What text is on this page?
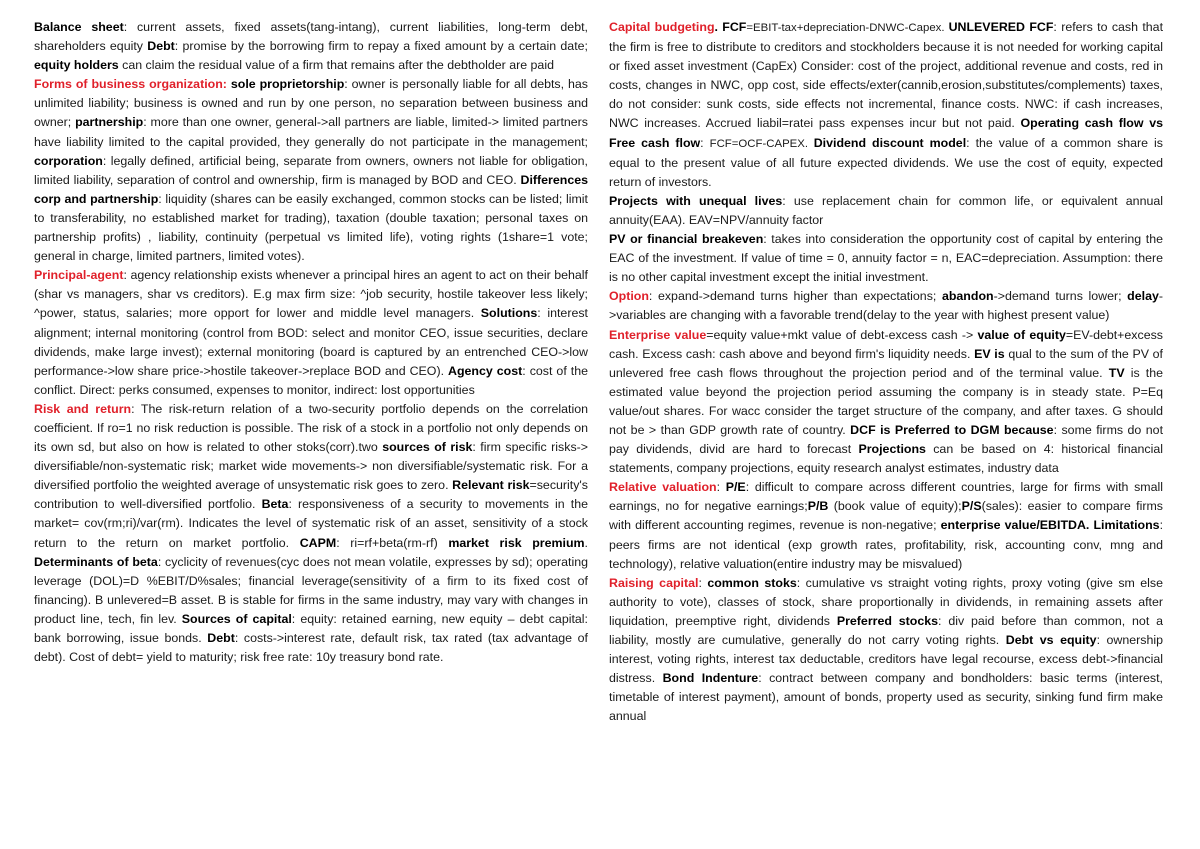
Balance sheet: current assets, fixed assets(tang-intang), current liabilities, long-term debt, shareholders equity Debt: promise by the borrowing firm to repay a fixed amount by a certain date; equity holders can claim the residual value of a firm that remains after the debtholder are paid

Forms of business organization: sole proprietorship: owner is personally liable for all debts, has unlimited liability; business is owned and run by one person, no separation between business and owner; partnership: more than one owner, general->all partners are liable, limited-> limited partners have liability limited to the capital provided, they generally do not participate in the management; corporation: legally defined, artificial being, separate from owners, owners not liable for obligation, limited liability, separation of control and ownership, firm is managed by BOD and CEO. Differences corp and partnership: liquidity (shares can be easily exchanged, common stocks can be listed; limit to transferability, no established market for trading), taxation (double taxation; personal taxes on partnership profits) , liability, continuity (perpetual vs limited life), voting rights (1share=1 vote; general in charge, limited partners, limited votes).

Principal-agent: agency relationship exists whenever a principal hires an agent to act on their behalf (shar vs managers, shar vs creditors). E.g max firm size: ^job security, hostile takeover less likely; ^power, status, salaries; more opport for lower and middle level managers. Solutions: interest alignment; internal monitoring (control from BOD: select and monitor CEO, issue securities, declare dividends, make large invest); external monitoring (board is captured by an entrenched CEO->low performance->low share price->hostile takeover->replace BOD and CEO). Agency cost: cost of the conflict. Direct: perks consumed, expenses to monitor, indirect: lost opportunities

Risk and return: The risk-return relation of a two-security portfolio depends on the correlation coefficient. If ro=1 no risk reduction is possible. The risk of a stock in a portfolio not only depends on its own sd, but also on how is related to other stoks(corr).two sources of risk: firm specific risks-> diversifiable/non-systematic risk; market wide movements-> non diversifiable/systematic risk. For a diversified portfolio the weighted average of unsystematic risk goes to zero. Relevant risk=security's contribution to well-diversified portfolio. Beta: responsiveness of a security to movements in the market= cov(rm;ri)/var(rm). Indicates the level of systematic risk of an asset, sensitivity of a stock return to the return on market portfolio. CAPM: ri=rf+beta(rm-rf) market risk premium. Determinants of beta: cyclicity of revenues(cyc does not mean volatile, expresses by sd); operating leverage (DOL)=D %EBIT/D%sales; financial leverage(sensitivity of a firm to its fixed cost of financing). B unlevered=B asset. B is stable for firms in the same industry, may vary with changes in product line, tech, fin lev. Sources of capital: equity: retained earning, new equity – debt capital: bank borrowing, issue bonds. Debt: costs->interest rate, default risk, tax rated (tax advantage of debt). Cost of debt= yield to maturity; risk free rate: 10y treasury bond rate.

Capital budgeting. FCF=EBIT-tax+depreciation-DNWC-Capex. UNLEVERED FCF: refers to cash that the firm is free to distribute to creditors and stockholders because it is not needed for working capital or fixed asset investment (CapEx) Consider: cost of the project, additional revenue and costs, red in costs, changes in NWC, opp cost, side effects/exter(cannib,erosion,substitutes/complements) taxes, do not consider: sunk costs, side effects not incremental, finance costs. NWC: if cash increases, NWC increases. Accrued liabil=ratei pass expenses incur but not paid. Operating cash flow vs Free cash flow: FCF=OCF-CAPEX. Dividend discount model: the value of a common share is equal to the present value of all future expected dividends. We use the cost of equity, expected return of investors.

Projects with unequal lives: use replacement chain for common life, or equivalent annual annuity(EAA). EAV=NPV/annuity factor

PV or financial breakeven: takes into consideration the opportunity cost of capital by entering the EAC of the investment. If value of time = 0, annuity factor = n, EAC=depreciation. Assumption: there is no other capital investment except the initial investment.

Option: expand->demand turns higher than expectations; abandon->demand turns lower; delay->variables are changing with a favorable trend(delay to the year with highest present value)

Enterprise value=equity value+mkt value of debt-excess cash -> value of equity=EV-debt+excess cash. Excess cash: cash above and beyond firm's liquidity needs. EV is qual to the sum of the PV of unlevered free cash flows throughout the projection period and of the terminal value. TV is the estimated value beyond the projection period assuming the company is in steady state. P=Eq value/out shares. For wacc consider the target structure of the company, and after taxes. G should not be > than GDP growth rate of country. DCF is Preferred to DGM because: some firms do not pay dividends, divid are hard to forecast Projections can be based on 4: historical financial statements, company projections, equity research analyst estimates, industry data

Relative valuation: P/E: difficult to compare across different countries, large for firms with small earnings, no for negative earnings;P/B (book value of equity);P/S(sales): easier to compare firms with different accounting regimes, revenue is non-negative; enterprise value/EBITDA. Limitations: peers firms are not identical (exp growth rates, profitability, risk, accounting conv, mng and technology), relative valuation(entire industry may be misvalued)

Raising capital: common stoks: cumulative vs straight voting rights, proxy voting (give sm else authority to vote), classes of stock, share proportionally in dividends, in remaining assets after liquidation, preemptive right, dividends Preferred stocks: div paid before than common, not a liability, mostly are cumulative, generally do not carry voting rights. Debt vs equity: ownership interest, voting rights, interest tax deductable, creditors have legal recourse, excess debt->financial distress. Bond Indenture: contract between company and bondholders: basic terms (interest, timetable of interest payment), amount of bonds, property used as security, sinking fund firm make annual
